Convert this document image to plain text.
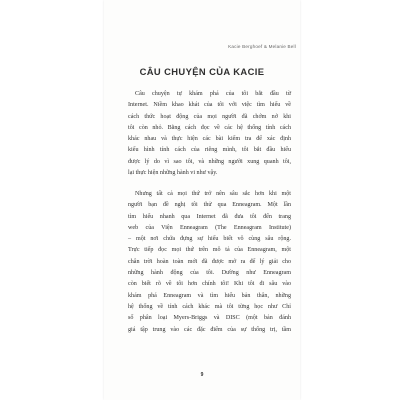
Kacie Berghoef & Melanie Bell
CÂU CHUYỆN CỦA KACIE
Câu chuyện tự khám phá của tôi bắt đầu từ
Internet. Niềm khao khát của tôi với việc tìm hiểu về
cách thức hoạt động của mọi người đã chớm nở khi
tôi còn nhỏ. Bằng cách đọc về các hệ thống tính cách
khác nhau và thực hiện các bài kiểm tra để xác định
kiểu hình tính cách của riêng mình, tôi bắt đầu hiểu
được lý do vì sao tôi, và những người xung quanh tôi,
lại thực hiện những hành vi như vậy.
Nhưng tất cả mọi thứ trở nên sâu sắc hơn khi một
người bạn đề nghị tôi thử qua Enneagram. Một lần
tìm hiểu nhanh qua Internet đã đưa tôi đến trang
web của Viện Enneagram (The Enneagram Institute)
– một nơi chứa đựng sự hiểu biết vô cùng sâu rộng.
Trực tiếp đọc mọi thứ trên mô tả của Enneagram, một
chân trời hoàn toàn mới đã được mở ra để lý giải cho
những hành động của tôi. Dường như Enneagram
còn biết rõ về tôi hơn chính tôi! Khi tôi đi sâu vào
khám phá Enneagram và tìm hiểu bản thân, những
hệ thống về tính cách khác mà tôi từng học như Chỉ
số phân loại Myers-Briggs và DISC (một bản đánh
giá tập trung vào các đặc điểm của sự thống trị, tầm
9
